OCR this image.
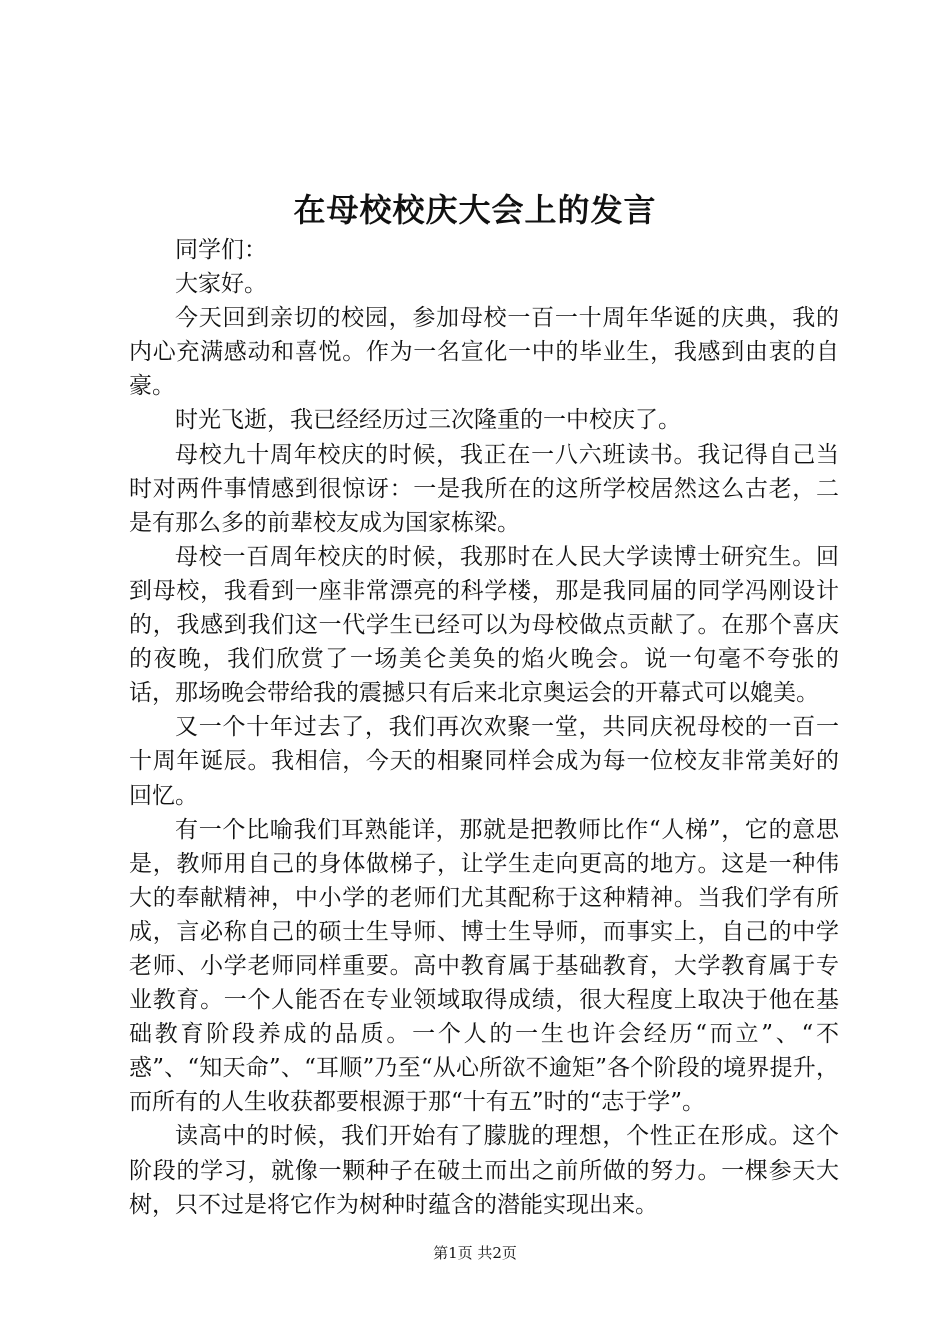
在母校校庆大会上的发言

同学们：

大家好。

今天回到亲切的校园，参加母校一百一十周年华诞的庆典，我的内心充满感动和喜悦。作为一名宣化一中的毕业生，我感到由衷的自豪。

时光飞逝，我已经经历过三次隆重的一中校庆了。

母校九十周年校庆的时候，我正在一八六班读书。我记得自己当时对两件事情感到很惊讶：一是我所在的这所学校居然这么古老，二是有那么多的前辈校友成为国家栋梁。

母校一百周年校庆的时候，我那时在人民大学读博士研究生。回到母校，我看到一座非常漂亮的科学楼，那是我同届的同学冯刚设计的，我感到我们这一代学生已经可以为母校做点贡献了。在那个喜庆的夜晚，我们欣赏了一场美仑美奂的焰火晚会。说一句毫不夸张的话，那场晚会带给我的震撼只有后来北京奥运会的开幕式可以媲美。

又一个十年过去了，我们再次欢聚一堂，共同庆祝母校的一百一十周年诞辰。我相信，今天的相聚同样会成为每一位校友非常美好的回忆。

有一个比喻我们耳熟能详，那就是把教师比作“人梯”，它的意思是，教师用自己的身体做梯子，让学生走向更高的地方。这是一种伟大的奉献精神，中小学的老师们尤其配称于这种精神。当我们学有所成，言必称自己的硕士生导师、博士生导师，而事实上，自己的中学老师、小学老师同样重要。高中教育属于基础教育，大学教育属于专业教育。一个人能否在专业领域取得成绩，很大程度上取决于他在基础教育阶段养成的品质。一个人的一生也许会经历“而立”、“不惑”、“知天命”、“耳顺”乃至“从心所欲不逾矩”各个阶段的境界提升，而所有的人生收获都要根源于那“十有五”时的“志于学”。

读高中的时候，我们开始有了朦胧的理想，个性正在形成。这个阶段的学习，就像一颗种子在破土而出之前所做的努力。一棵参天大树，只不过是将它作为树种时蕴含的潜能实现出来。

第1页 共2页
